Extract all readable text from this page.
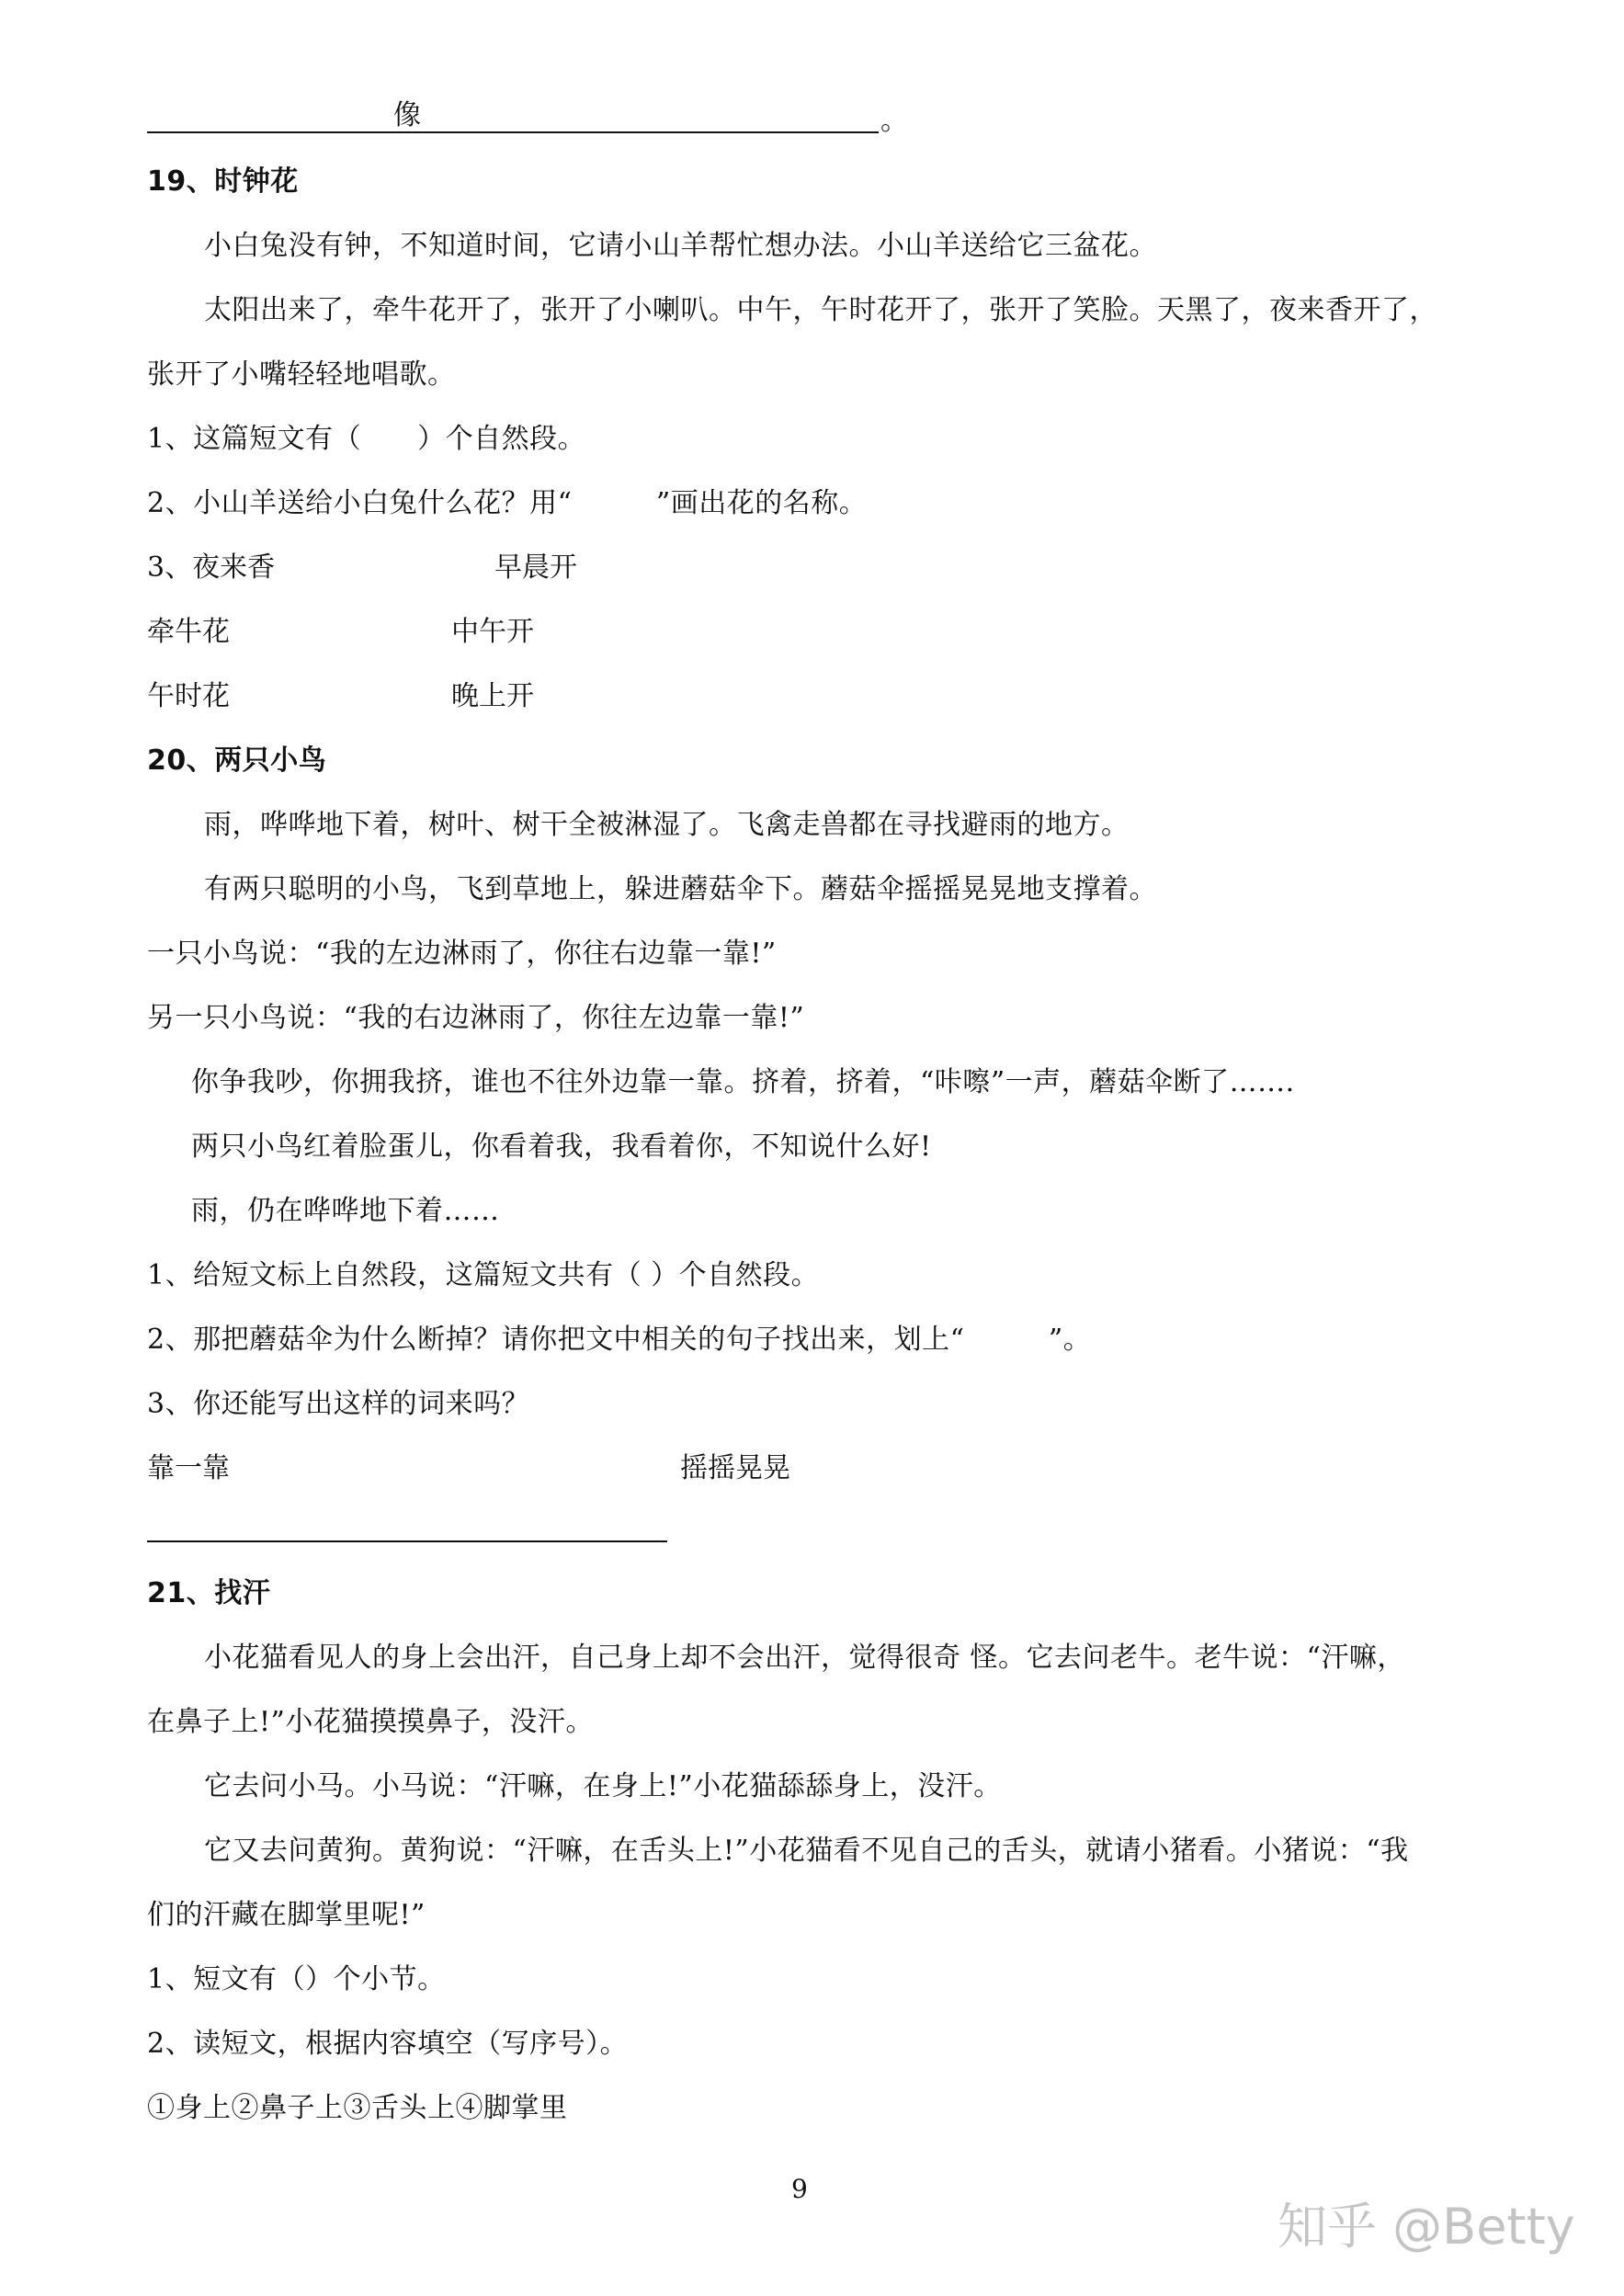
像	。
19、时钟花
小白兔没有钟，不知道时间，它请小山羊帮忙想办法。小山羊送给它三盆花。
太阳出来了，牵牛花开了，张开了小喇叭。中午，午时花开了，张开了笑脸。天黑了，夜来香开了，
张开了小嘴轻轻地唱歌。
1、这篇短文有（　　）个自然段。
2、小山羊送给小白兔什么花？用“　　　”画出花的名称。
3、夜来香	早晨开
牵牛花	中午开
午时花	晚上开
20、两只小鸟
雨，哗哗地下着，树叶、树干全被淋湿了。飞禽走兽都在寻找避雨的地方。
有两只聪明的小鸟，飞到草地上，躲进蘑菇伞下。蘑菇伞摇摇晃晃地支撑着。
一只小鸟说：“我的左边淋雨了，你往右边靠一靠!”
另一只小鸟说：“我的右边淋雨了，你往左边靠一靠!”
你争我吵，你拥我挤，谁也不往外边靠一靠。挤着，挤着，“咔嚓”一声，蘑菇伞断了…….
两只小鸟红着脸蛋儿，你看着我，我看着你，不知说什么好!
雨，仍在哗哗地下着……
1、给短文标上自然段，这篇短文共有（ ）个自然段。
2、那把蘑菇伞为什么断掉？请你把文中相关的句子找出来，划上“　　　”。
3、你还能写出这样的词来吗？
靠一靠	摇摇晃晃
21、找汗
小花猫看见人的身上会出汗，自己身上却不会出汗，觉得很奇 怪。它去问老牛。老牛说：“汗嘛，
在鼻子上!”小花猫摸摸鼻子，没汗。
它去问小马。小马说：“汗嘛，在身上!”小花猫舔舔身上，没汗。
它又去问黄狗。黄狗说：“汗嘛，在舌头上!”小花猫看不见自己的舌头，就请小猪看。小猪说：“我
们的汗藏在脚掌里呢!”
1、短文有（）个小节。
2、读短文，根据内容填空（写序号）。
①身上②鼻子上③舌头上④脚掌里
9
知乎 @Betty
